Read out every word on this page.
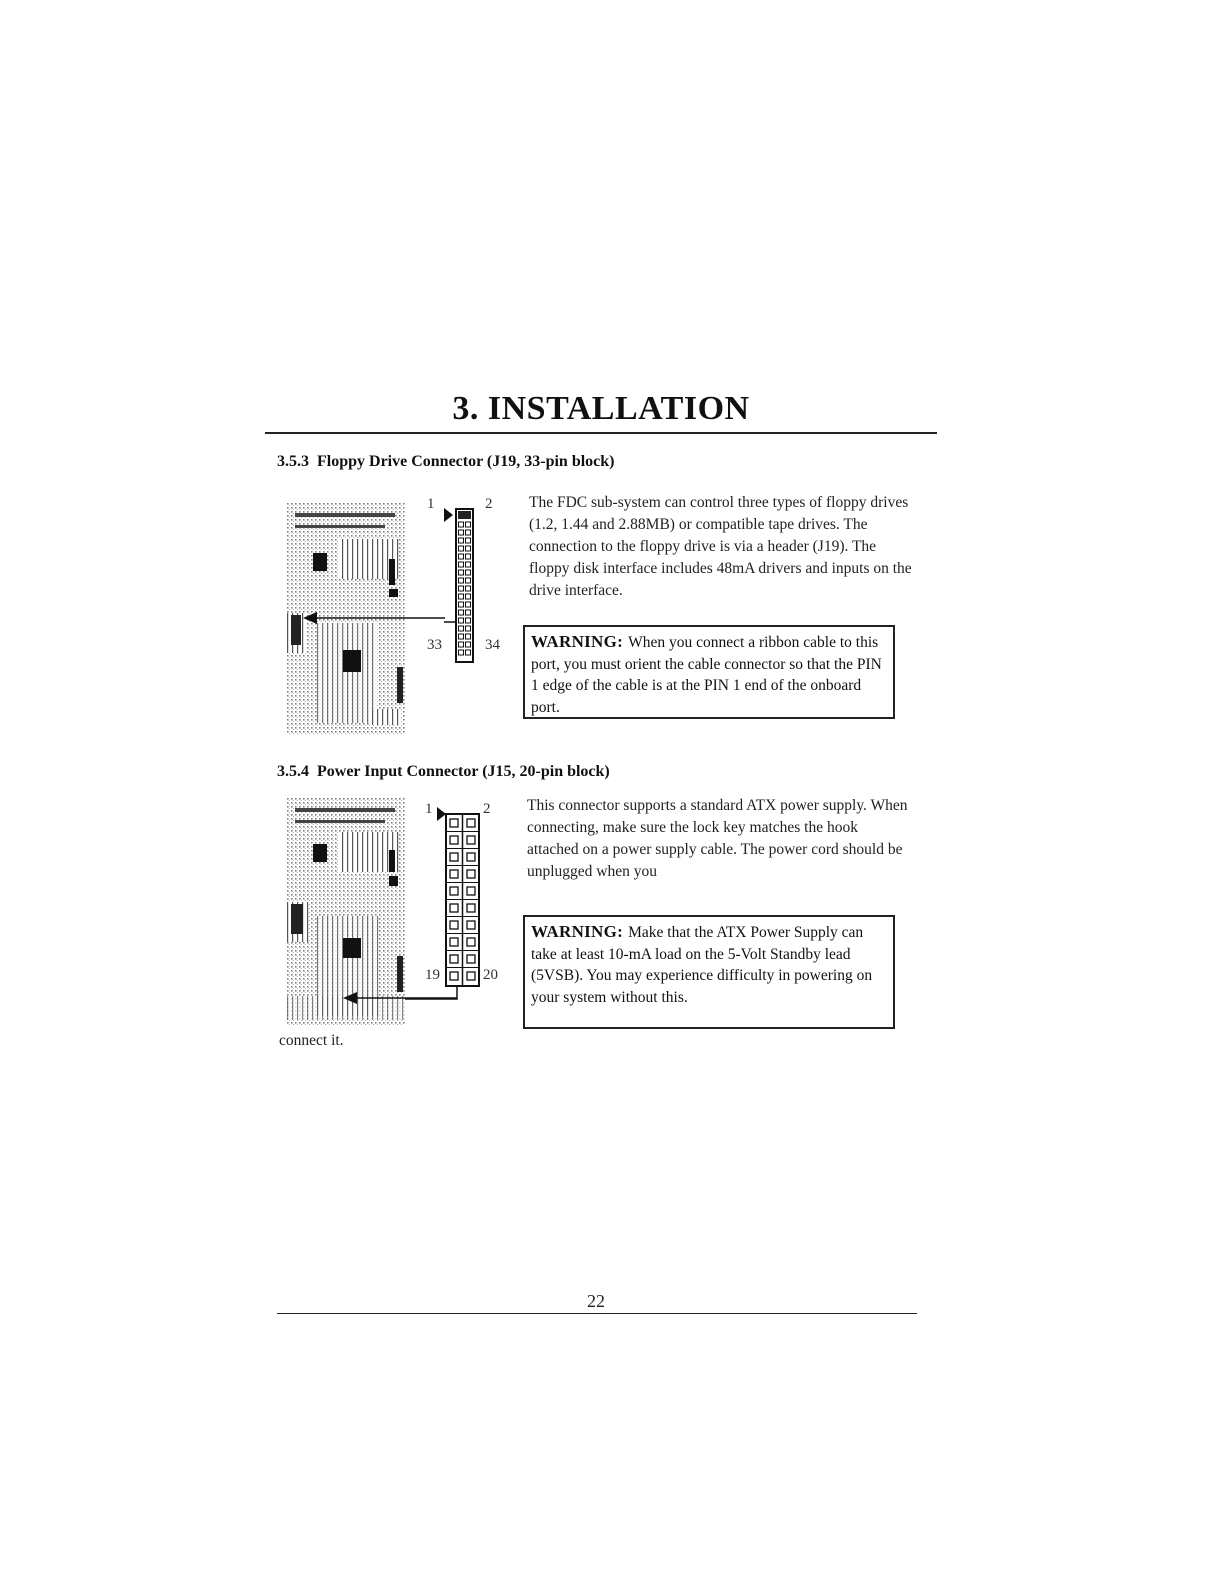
3. INSTALLATION
3.5.3 Floppy Drive Connector (J19, 33-pin block)
1	2
33	34
The FDC sub-system can control three types of floppy drives (1.2, 1.44 and 2.88MB) or compatible tape drives. The connection to the floppy drive is via a header (J19). The floppy disk interface includes 48mA drivers and inputs on the drive interface.
WARNING: When you connect a ribbon cable to this port, you must orient the cable connector so that the PIN 1 edge of the cable is at the PIN 1 end of the onboard port.
3.5.4 Power Input Connector (J15, 20-pin block)
1	2
19	20
This connector supports a standard ATX power supply. When connecting, make sure the lock key matches the hook attached on a power supply cable. The power cord should be unplugged when you
connect it.
WARNING: Make that the ATX Power Supply can take at least 10-mA load on the 5-Volt Standby lead (5VSB). You may experience difficulty in powering on your system without this.
22
